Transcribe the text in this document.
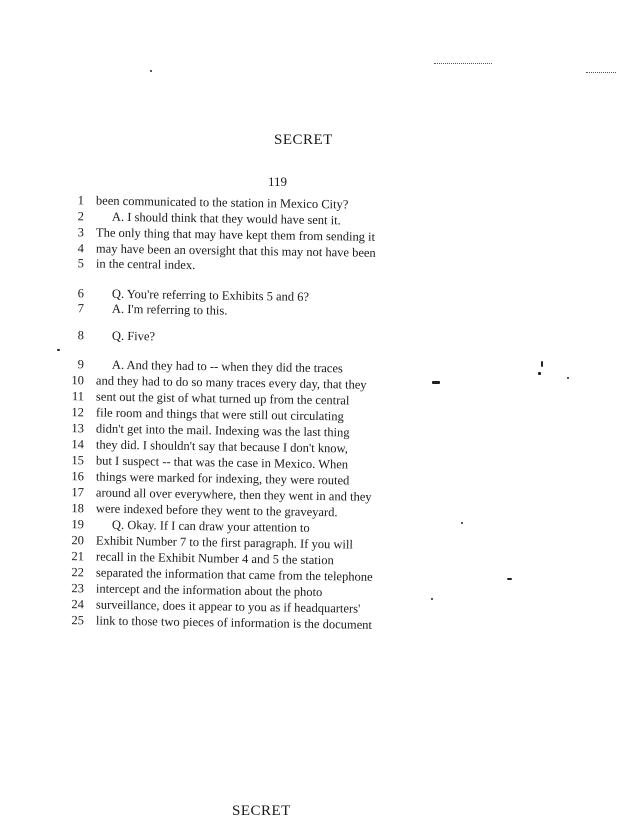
SECRET
119
1 been communicated to the station in Mexico City?
2 A. I should think that they would have sent it.
3 The only thing that may have kept them from sending it
4 may have been an oversight that this may not have been
5 in the central index.
6 Q. You're referring to Exhibits 5 and 6?
7 A. I'm referring to this.
8 Q. Five?
9 A. And they had to -- when they did the traces
10 and they had to do so many traces every day, that they
11 sent out the gist of what turned up from the central
12 file room and things that were still out circulating
13 didn't get into the mail. Indexing was the last thing
14 they did. I shouldn't say that because I don't know,
15 but I suspect -- that was the case in Mexico. When
16 things were marked for indexing, they were routed
17 around all over everywhere, then they went in and they
18 were indexed before they went to the graveyard.
19 Q. Okay. If I can draw your attention to
20 Exhibit Number 7 to the first paragraph. If you will
21 recall in the Exhibit Number 4 and 5 the station
22 separated the information that came from the telephone
23 intercept and the information about the photo
24 surveillance, does it appear to you as if headquarters'
25 link to those two pieces of information is the document
SECRET
